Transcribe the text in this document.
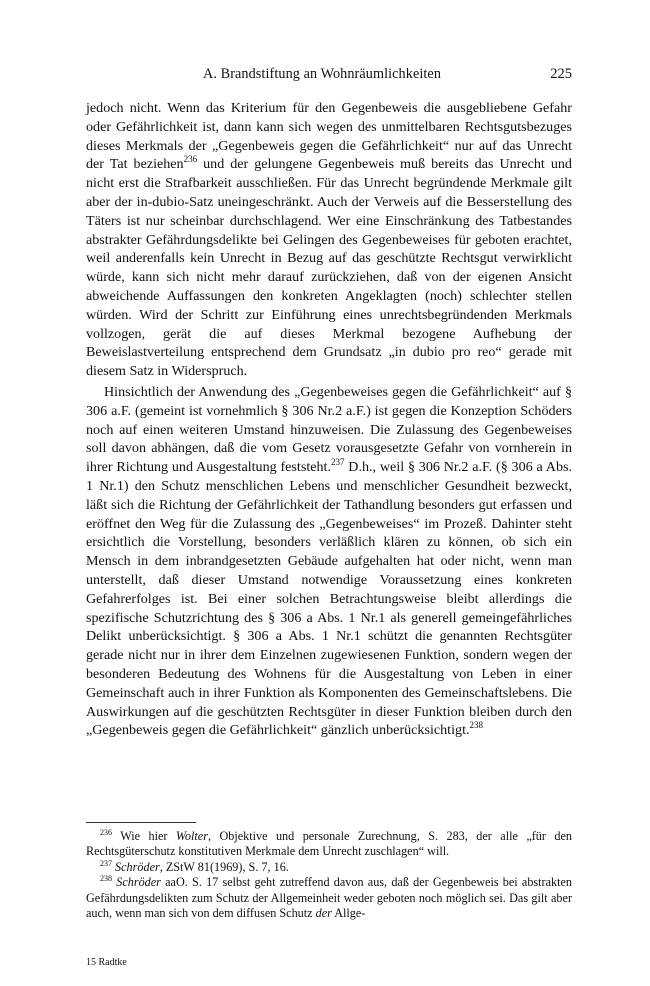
A. Brandstiftung an Wohnräumlichkeiten	225

jedoch nicht. Wenn das Kriterium für den Gegenbeweis die ausgebliebene Gefahr oder Gefährlichkeit ist, dann kann sich wegen des unmittelbaren Rechtsgutsbezuges dieses Merkmals der „Gegenbeweis gegen die Gefährlichkeit“ nur auf das Unrecht der Tat beziehen$^{236}$ und der gelungene Gegenbeweis muß bereits das Unrecht und nicht erst die Strafbarkeit ausschließen. Für das Unrecht begründende Merkmale gilt aber der in-dubio-Satz uneingeschränkt. Auch der Verweis auf die Besserstellung des Täters ist nur scheinbar durchschlagend. Wer eine Einschränkung des Tatbestandes abstrakter Gefährdungsdelikte bei Gelingen des Gegenbeweises für geboten erachtet, weil anderenfalls kein Unrecht in Bezug auf das geschützte Rechtsgut verwirklicht würde, kann sich nicht mehr darauf zurückziehen, daß von der eigenen Ansicht abweichende Auffassungen den konkreten Angeklagten (noch) schlechter stellen würden. Wird der Schritt zur Einführung eines unrechtsbegründenden Merkmals vollzogen, gerät die auf dieses Merkmal bezogene Aufhebung der Beweislastverteilung entsprechend dem Grundsatz „in dubio pro reo“ gerade mit diesem Satz in Widerspruch.

Hinsichtlich der Anwendung des „Gegenbeweises gegen die Gefährlichkeit“ auf § 306 a.F. (gemeint ist vornehmlich § 306 Nr.2 a.F.) ist gegen die Konzeption Schöders noch auf einen weiteren Umstand hinzuweisen. Die Zulassung des Gegenbeweises soll davon abhängen, daß die vom Gesetz vorausgesetzte Gefahr von vornherein in ihrer Richtung und Ausgestaltung feststeht.$^{237}$ D.h., weil § 306 Nr.2 a.F. (§ 306 a Abs. 1 Nr.1) den Schutz menschlichen Lebens und menschlicher Gesundheit bezweckt, läßt sich die Richtung der Gefährlichkeit der Tathandlung besonders gut erfassen und eröffnet den Weg für die Zulassung des „Gegenbeweises“ im Prozeß. Dahinter steht ersichtlich die Vorstellung, besonders verläßlich klären zu können, ob sich ein Mensch in dem inbrandgesetzten Gebäude aufgehalten hat oder nicht, wenn man unterstellt, daß dieser Umstand notwendige Voraussetzung eines konkreten Gefahrerfolges ist. Bei einer solchen Betrachtungsweise bleibt allerdings die spezifische Schutzrichtung des § 306 a Abs. 1 Nr.1 als generell gemeingefährliches Delikt unberücksichtigt. § 306 a Abs. 1 Nr.1 schützt die genannten Rechtsgüter gerade nicht nur in ihrer dem Einzelnen zugewiesenen Funktion, sondern wegen der besonderen Bedeutung des Wohnens für die Ausgestaltung von Leben in einer Gemeinschaft auch in ihrer Funktion als Komponenten des Gemeinschaftslebens. Die Auswirkungen auf die geschützten Rechtsgüter in dieser Funktion bleiben durch den „Gegenbeweis gegen die Gefährlichkeit“ gänzlich unberücksichtigt.$^{238}$

$^{236}$ Wie hier Wolter, Objektive und personale Zurechnung, S. 283, der alle „für den Rechtsgüterschutz konstitutiven Merkmale dem Unrecht zuschlagen“ will.

$^{237}$ Schröder, ZStW 81(1969), S. 7, 16.

$^{238}$ Schröder aaO. S. 17 selbst geht zutreffend davon aus, daß der Gegenbeweis bei abstrakten Gefährdungsdelikten zum Schutz der Allgemeinheit weder geboten noch möglich sei. Das gilt aber auch, wenn man sich von dem diffusen Schutz der Allge-

15 Radtke
